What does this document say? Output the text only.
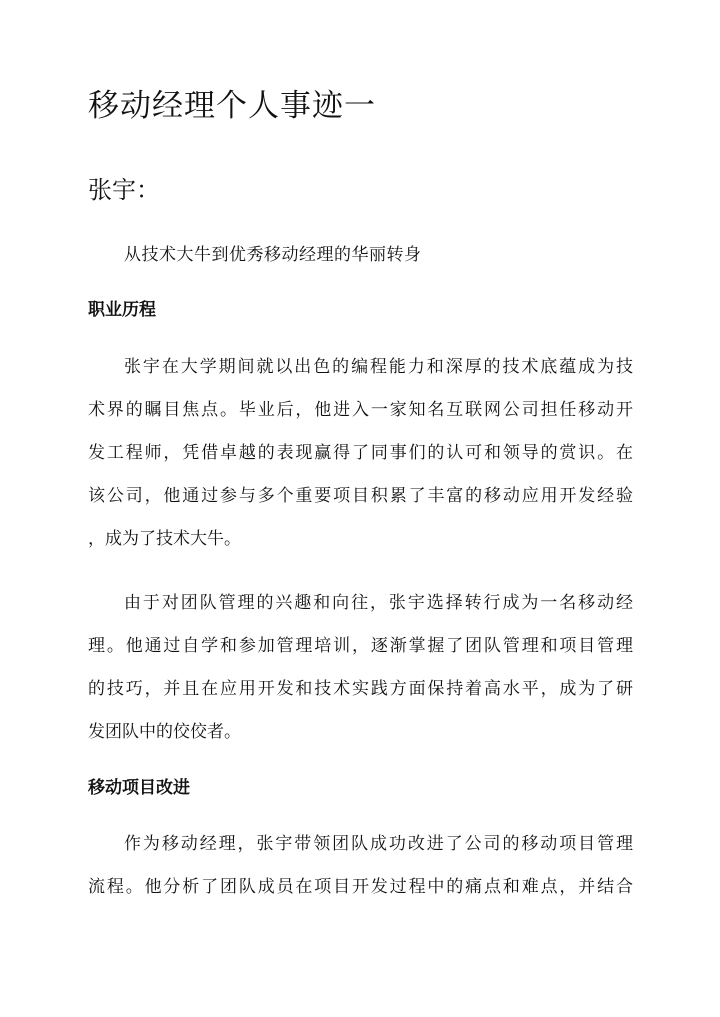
移动经理个人事迹一
张宇：

从技术大牛到优秀移动经理的华丽转身

职业历程
张宇在大学期间就以出色的编程能力和深厚的技术底蕴成为技
术界的瞩目焦点。毕业后，他进入一家知名互联网公司担任移动开
发工程师，凭借卓越的表现赢得了同事们的认可和领导的赏识。在
该公司，他通过参与多个重要项目积累了丰富的移动应用开发经验
，成为了技术大牛。
由于对团队管理的兴趣和向往，张宇选择转行成为一名移动经
理。他通过自学和参加管理培训，逐渐掌握了团队管理和项目管理
的技巧，并且在应用开发和技术实践方面保持着高水平，成为了研
发团队中的佼佼者。
移动项目改进
作为移动经理，张宇带领团队成功改进了公司的移动项目管理
流程。他分析了团队成员在项目开发过程中的痛点和难点，并结合
